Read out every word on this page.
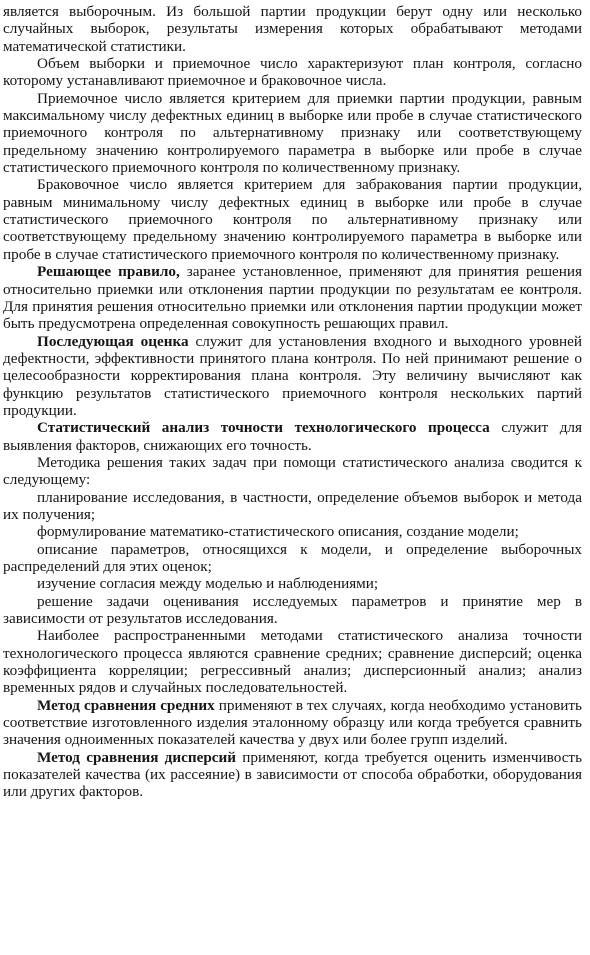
является выборочным. Из большой партии продукции берут одну или несколько случайных выборок, результаты измерения которых обрабатывают методами математической статистики.

Объем выборки и приемочное число характеризуют план контроля, согласно которому устанавливают приемочное и браковочное числа.

Приемочное число является критерием для приемки партии продукции, равным максимальному числу дефектных единиц в выборке или пробе в случае статистического приемочного контроля по альтернативному признаку или соответствующему предельному значению контролируемого параметра в выборке или пробе в случае статистического приемочного контроля по количественному признаку.

Браковочное число является критерием для забракования партии продукции, равным минимальному числу дефектных единиц в выборке или пробе в случае статистического приемочного контроля по альтернативному признаку или соответствующему предельному значению контролируемого параметра в выборке или пробе в случае статистического приемочного контроля по количественному признаку.

Решающее правило, заранее установленное, применяют для принятия решения относительно приемки или отклонения партии продукции по результатам ее контроля. Для принятия решения относительно приемки или отклонения партии продукции может быть предусмотрена определенная совокупность решающих правил.

Последующая оценка служит для установления входного и выходного уровней дефектности, эффективности принятого плана контроля. По ней принимают решение о целесообразности корректирования плана контроля. Эту величину вычисляют как функцию результатов статистического приемочного контроля нескольких партий продукции.

Статистический анализ точности технологического процесса служит для выявления факторов, снижающих его точность.

Методика решения таких задач при помощи статистического анализа сводится к следующему:

планирование исследования, в частности, определение объемов выборок и метода их получения;

формулирование математико-статистического описания, создание модели;

описание параметров, относящихся к модели, и определение выборочных распределений для этих оценок;

изучение согласия между моделью и наблюдениями;

решение задачи оценивания исследуемых параметров и принятие мер в зависимости от результатов исследования.

Наиболее распространенными методами статистического анализа точности технологического процесса являются сравнение средних; сравнение дисперсий; оценка коэффициента корреляции; регрессивный анализ; дисперсионный анализ; анализ временных рядов и случайных последовательностей.

Метод сравнения средних применяют в тех случаях, когда необходимо установить соответствие изготовленного изделия эталонному образцу или когда требуется сравнить значения одноименных показателей качества у двух или более групп изделий.

Метод сравнения дисперсий применяют, когда требуется оценить изменчивость показателей качества (их рассеяние) в зависимости от способа обработки, оборудования или других факторов.
